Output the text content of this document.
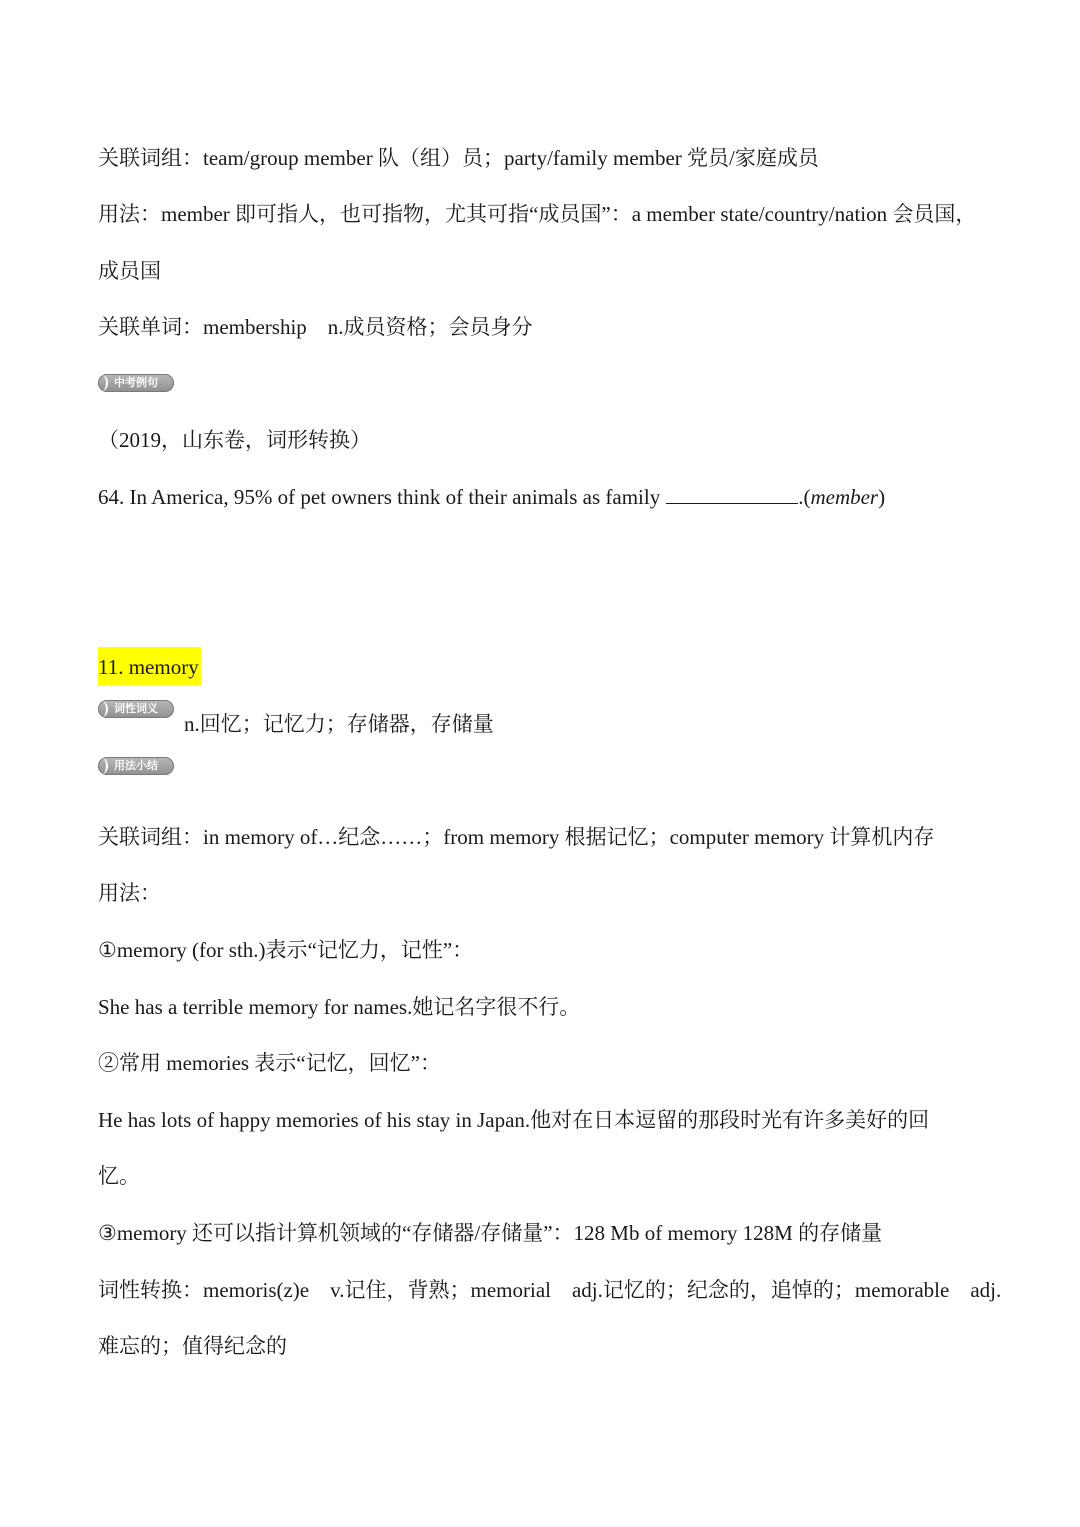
关联词组：team/group member 队（组）员；party/family member 党员/家庭成员
用法：member 即可指人，也可指物，尤其可指“成员国”：a member state/country/nation 会员国，
成员国
关联单词：membership　n.成员资格；会员身分
中考例句
（2019，山东卷，词形转换）
64. In America, 95% of pet owners think of their animals as family	.(member)
11. memory
词性词义
n.回忆；记忆力；存储器，存储量
用法小结
关联词组：in memory of…纪念……；from memory 根据记忆；computer memory 计算机内存
用法：
①memory (for sth.)表示“记忆力，记性”：
She has a terrible memory for names.她记名字很不行。
②常用 memories 表示“记忆，回忆”：
He has lots of happy memories of his stay in Japan.他对在日本逗留的那段时光有许多美好的回
忆。
③memory 还可以指计算机领域的“存储器/存储量”：128 Mb of memory 128M 的存储量
词性转换：memoris(z)e　v.记住，背熟；memorial　adj.记忆的；纪念的，追悼的；memorable　adj.
难忘的；值得纪念的
